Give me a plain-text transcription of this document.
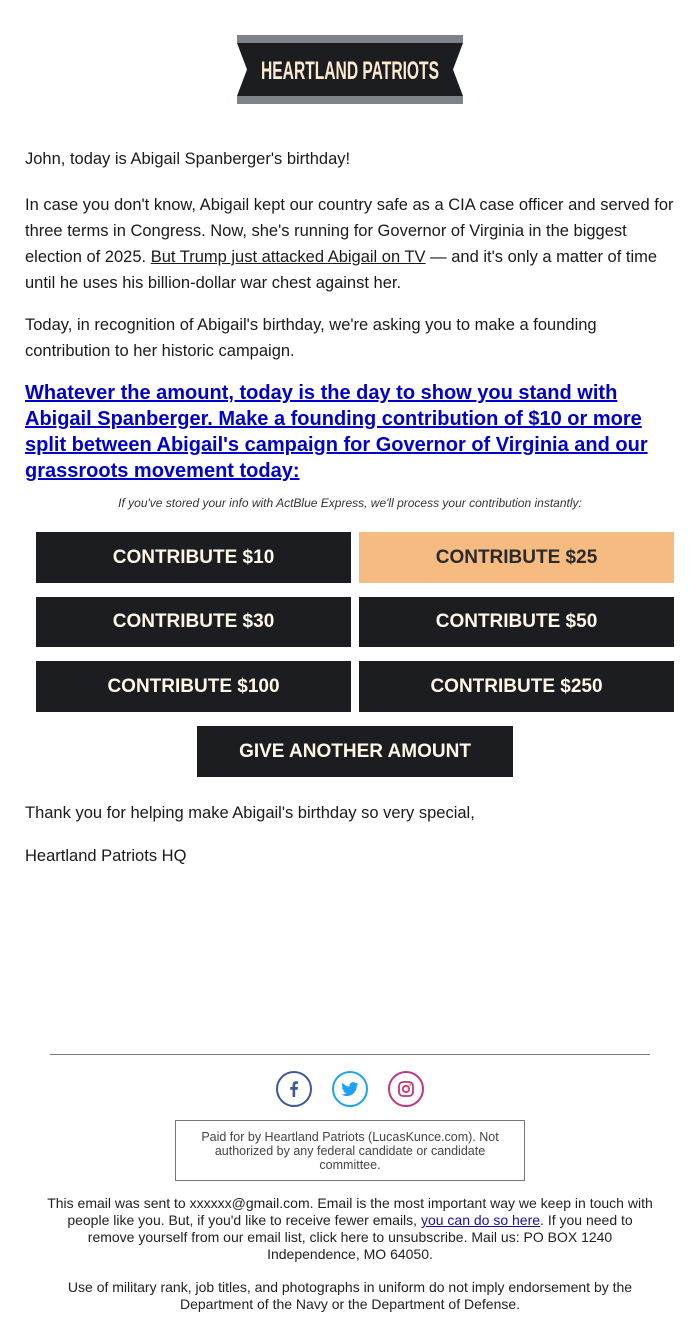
HEARTLAND PATRIOTS

John, today is Abigail Spanberger's birthday!

In case you don't know, Abigail kept our country safe as a CIA case officer and served for three terms in Congress. Now, she's running for Governor of Virginia in the biggest election of 2025. But Trump just attacked Abigail on TV — and it's only a matter of time until he uses his billion-dollar war chest against her.

Today, in recognition of Abigail's birthday, we're asking you to make a founding contribution to her historic campaign.

Whatever the amount, today is the day to show you stand with Abigail Spanberger. Make a founding contribution of $10 or more split between Abigail's campaign for Governor of Virginia and our grassroots movement today:
If you've stored your info with ActBlue Express, we'll process your contribution instantly:
CONTRIBUTE $10	CONTRIBUTE $25
CONTRIBUTE $30	CONTRIBUTE $50
CONTRIBUTE $100	CONTRIBUTE $250
GIVE ANOTHER AMOUNT
Thank you for helping make Abigail's birthday so very special,
Heartland Patriots HQ
Paid for by Heartland Patriots (LucasKunce.com). Not authorized by any federal candidate or candidate committee.
This email was sent to xxxxxx@gmail.com. Email is the most important way we keep in touch with people like you. But, if you'd like to receive fewer emails, you can do so here. If you need to remove yourself from our email list, click here to unsubscribe. Mail us: PO BOX 1240 Independence, MO 64050.
Use of military rank, job titles, and photographs in uniform do not imply endorsement by the Department of the Navy or the Department of Defense.
